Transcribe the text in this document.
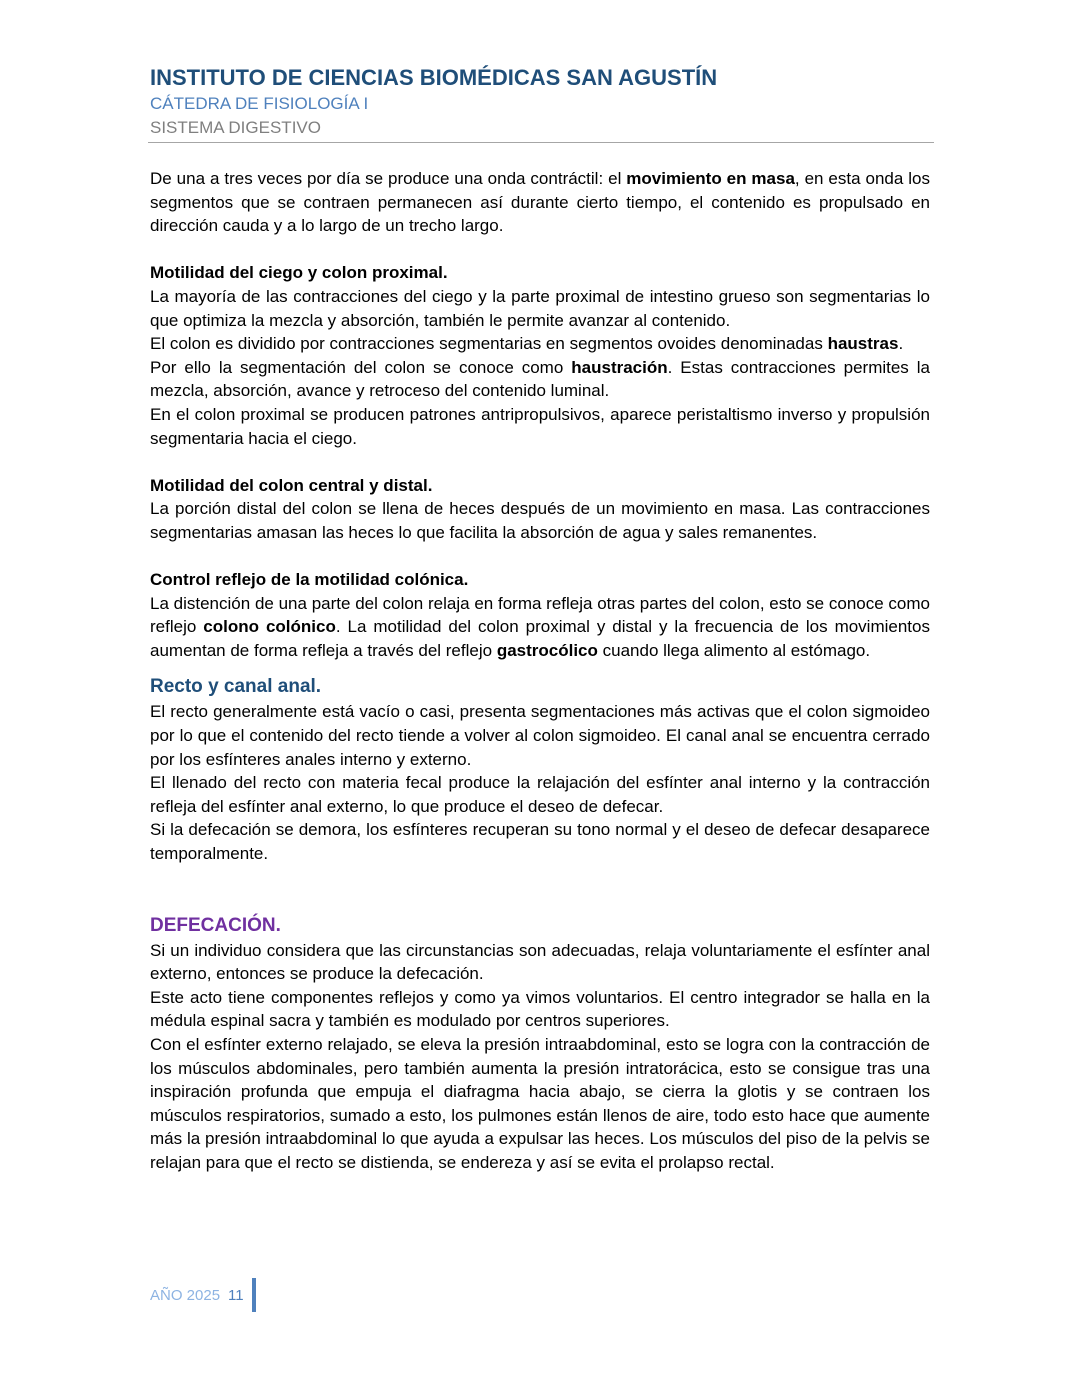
INSTITUTO DE CIENCIAS BIOMÉDICAS SAN AGUSTÍN

CÁTEDRA DE FISIOLOGÍA I

SISTEMA DIGESTIVO

De una a tres veces por día se produce una onda contráctil: el movimiento en masa, en esta onda los segmentos que se contraen permanecen así durante cierto tiempo, el contenido es propulsado en dirección cauda y a lo largo de un trecho largo.

Motilidad del ciego y colon proximal.

La mayoría de las contracciones del ciego y la parte proximal de intestino grueso son segmentarias lo que optimiza la mezcla y absorción, también le permite avanzar al contenido.

El colon es dividido por contracciones segmentarias en segmentos ovoides denominadas haustras.

Por ello la segmentación del colon se conoce como haustración. Estas contracciones permites la mezcla, absorción, avance y retroceso del contenido luminal.

En el colon proximal se producen patrones antripropulsivos, aparece peristaltismo inverso y propulsión segmentaria hacia el ciego.

Motilidad del colon central y distal.

La porción distal del colon se llena de heces después de un movimiento en masa. Las contracciones segmentarias amasan las heces lo que facilita la absorción de agua y sales remanentes.

Control reflejo de la motilidad colónica.

La distención de una parte del colon relaja en forma refleja otras partes del colon, esto se conoce como reflejo colono colónico. La motilidad del colon proximal y distal y la frecuencia de los movimientos aumentan de forma refleja a través del reflejo gastrocólico cuando llega alimento al estómago.

Recto y canal anal.

El recto generalmente está vacío o casi, presenta segmentaciones más activas que el colon sigmoideo por lo que el contenido del recto tiende a volver al colon sigmoideo. El canal anal se encuentra cerrado por los esfínteres anales interno y externo.

El llenado del recto con materia fecal produce la relajación del esfínter anal interno y la contracción refleja del esfínter anal externo, lo que produce el deseo de defecar.

Si la defecación se demora, los esfínteres recuperan su tono normal y el deseo de defecar desaparece temporalmente.

DEFECACIÓN.

Si un individuo considera que las circunstancias son adecuadas, relaja voluntariamente el esfínter anal externo, entonces se produce la defecación.

Este acto tiene componentes reflejos y como ya vimos voluntarios. El centro integrador se halla en la médula espinal sacra y también es modulado por centros superiores.

Con el esfínter externo relajado, se eleva la presión intraabdominal, esto se logra con la contracción de los músculos abdominales, pero también aumenta la presión intratorácica, esto se consigue tras una inspiración profunda que empuja el diafragma hacia abajo, se cierra la glotis y se contraen los músculos respiratorios, sumado a esto, los pulmones están llenos de aire, todo esto hace que aumente más la presión intraabdominal lo que ayuda a expulsar las heces. Los músculos del piso de la pelvis se relajan para que el recto se distienda, se endereza y así se evita el prolapso rectal.

AÑO 2025 11
